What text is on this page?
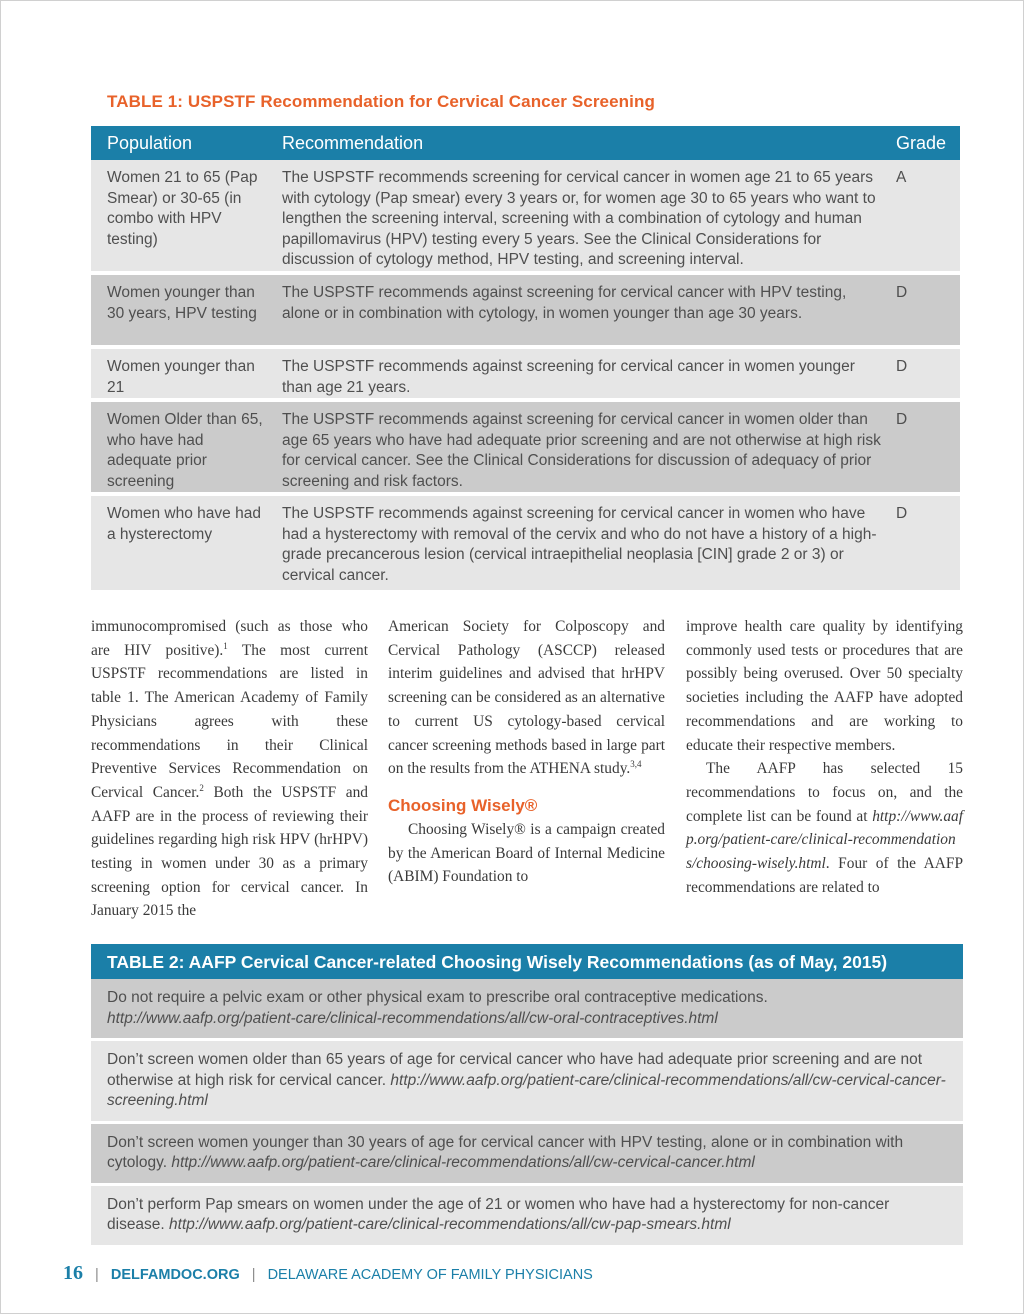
TABLE 1: USPSTF Recommendation for Cervical Cancer Screening
Population	Recommendation	Grade
Women 21 to 65 (Pap Smear) or 30-65 (in combo with HPV testing)
The USPSTF recommends screening for cervical cancer in women age 21 to 65 years with cytology (Pap smear) every 3 years or, for women age 30 to 65 years who want to lengthen the screening interval, screening with a combination of cytology and human papillomavirus (HPV) testing every 5 years. See the Clinical Considerations for discussion of cytology method, HPV testing, and screening interval.
A
Women younger than 30 years, HPV testing
The USPSTF recommends against screening for cervical cancer with HPV testing, alone or in combination with cytology, in women younger than age 30 years.
D
Women younger than 21
The USPSTF recommends against screening for cervical cancer in women younger than age 21 years.
D
Women Older than 65, who have had adequate prior screening
The USPSTF recommends against screening for cervical cancer in women older than age 65 years who have had adequate prior screening and are not otherwise at high risk for cervical cancer. See the Clinical Considerations for discussion of adequacy of prior screening and risk factors.
D
Women who have had a hysterectomy
The USPSTF recommends against screening for cervical cancer in women who have had a hysterectomy with removal of the cervix and who do not have a history of a high-grade precancerous lesion (cervical intraepithelial neoplasia [CIN] grade 2 or 3) or cervical cancer.
D

immunocompromised (such as those who are HIV positive).$^1$ The most current USPSTF recommendations are listed in table 1. The American Academy of Family Physicians agrees with these recommendations in their Clinical Preventive Services Recommendation on Cervical Cancer.$^2$ Both the USPSTF and AAFP are in the process of reviewing their guidelines regarding high risk HPV (hrHPV) testing in women under 30 as a primary screening option for cervical cancer. In January 2015 the

American Society for Colposcopy and Cervical Pathology (ASCCP) released interim guidelines and advised that hrHPV screening can be considered as an alternative to current US cytology-based cervical cancer screening methods based in large part on the results from the ATHENA study.$^{3,4}$

Choosing Wisely®

Choosing Wisely® is a campaign created by the American Board of Internal Medicine (ABIM) Foundation to

improve health care quality by identifying commonly used tests or procedures that are possibly being overused. Over 50 specialty societies including the AAFP have adopted recommendations and are working to educate their respective members.

The AAFP has selected 15 recommendations to focus on, and the complete list can be found at http://www.aafp.org/patient-care/clinical-recommendations/choosing-wisely.html. Four of the AAFP recommendations are related to

TABLE 2: AAFP Cervical Cancer-related Choosing Wisely Recommendations (as of May, 2015)
Do not require a pelvic exam or other physical exam to prescribe oral contraceptive medications. http://www.aafp.org/patient-care/clinical-recommendations/all/cw-oral-contraceptives.html
Don’t screen women older than 65 years of age for cervical cancer who have had adequate prior screening and are not otherwise at high risk for cervical cancer. http://www.aafp.org/patient-care/clinical-recommendations/all/cw-cervical-cancer-screening.html
Don’t screen women younger than 30 years of age for cervical cancer with HPV testing, alone or in combination with cytology. http://www.aafp.org/patient-care/clinical-recommendations/all/cw-cervical-cancer.html
Don’t perform Pap smears on women under the age of 21 or women who have had a hysterectomy for non-cancer disease. http://www.aafp.org/patient-care/clinical-recommendations/all/cw-pap-smears.html
16 | DELFAMDOC.ORG | DELAWARE ACADEMY OF FAMILY PHYSICIANS
